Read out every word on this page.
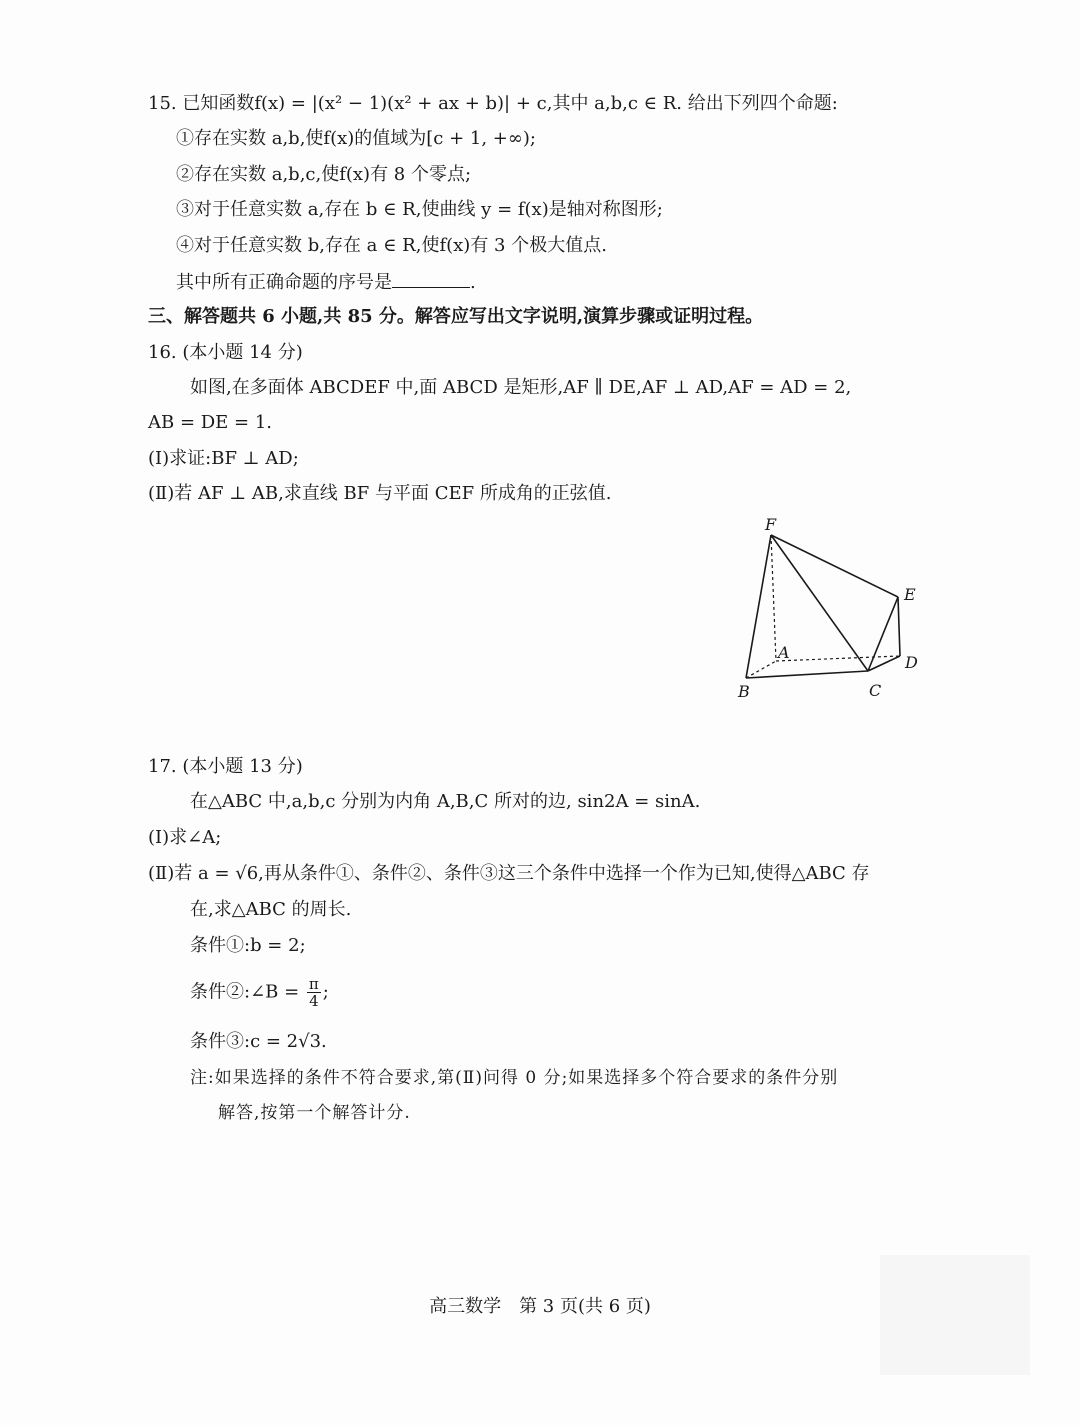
15. 已知函数f(x) = |(x² − 1)(x² + ax + b)| + c,其中 a,b,c ∈ R. 给出下列四个命题:
①存在实数 a,b,使f(x)的值域为[c + 1, +∞);
②存在实数 a,b,c,使f(x)有 8 个零点;
③对于任意实数 a,存在 b ∈ R,使曲线 y = f(x)是轴对称图形;
④对于任意实数 b,存在 a ∈ R,使f(x)有 3 个极大值点.
其中所有正确命题的序号是	.
三、解答题共 6 小题,共 85 分。解答应写出文字说明,演算步骤或证明过程。
16. (本小题 14 分)
如图,在多面体 ABCDEF 中,面 ABCD 是矩形,AF ∥ DE,AF ⊥ AD,AF = AD = 2,
AB = DE = 1.
(Ⅰ)求证:BF ⊥ AD;
(Ⅱ)若 AF ⊥ AB,求直线 BF 与平面 CEF 所成角的正弦值.
F
E
A
D
B	C
17. (本小题 13 分)
在△ABC 中,a,b,c 分别为内角 A,B,C 所对的边, sin2A = sinA.
(Ⅰ)求∠A;
(Ⅱ)若 a = √6,再从条件①、条件②、条件③这三个条件中选择一个作为已知,使得△ABC 存
在,求△ABC 的周长.
条件①:b = 2;
条件②:∠B = $\frac{\pi}{4}$ ;
条件③:c = 2√3.
注:如果选择的条件不符合要求,第(Ⅱ)问得 0 分;如果选择多个符合要求的条件分别
解答,按第一个解答计分.
高三数学　第 3 页(共 6 页)
